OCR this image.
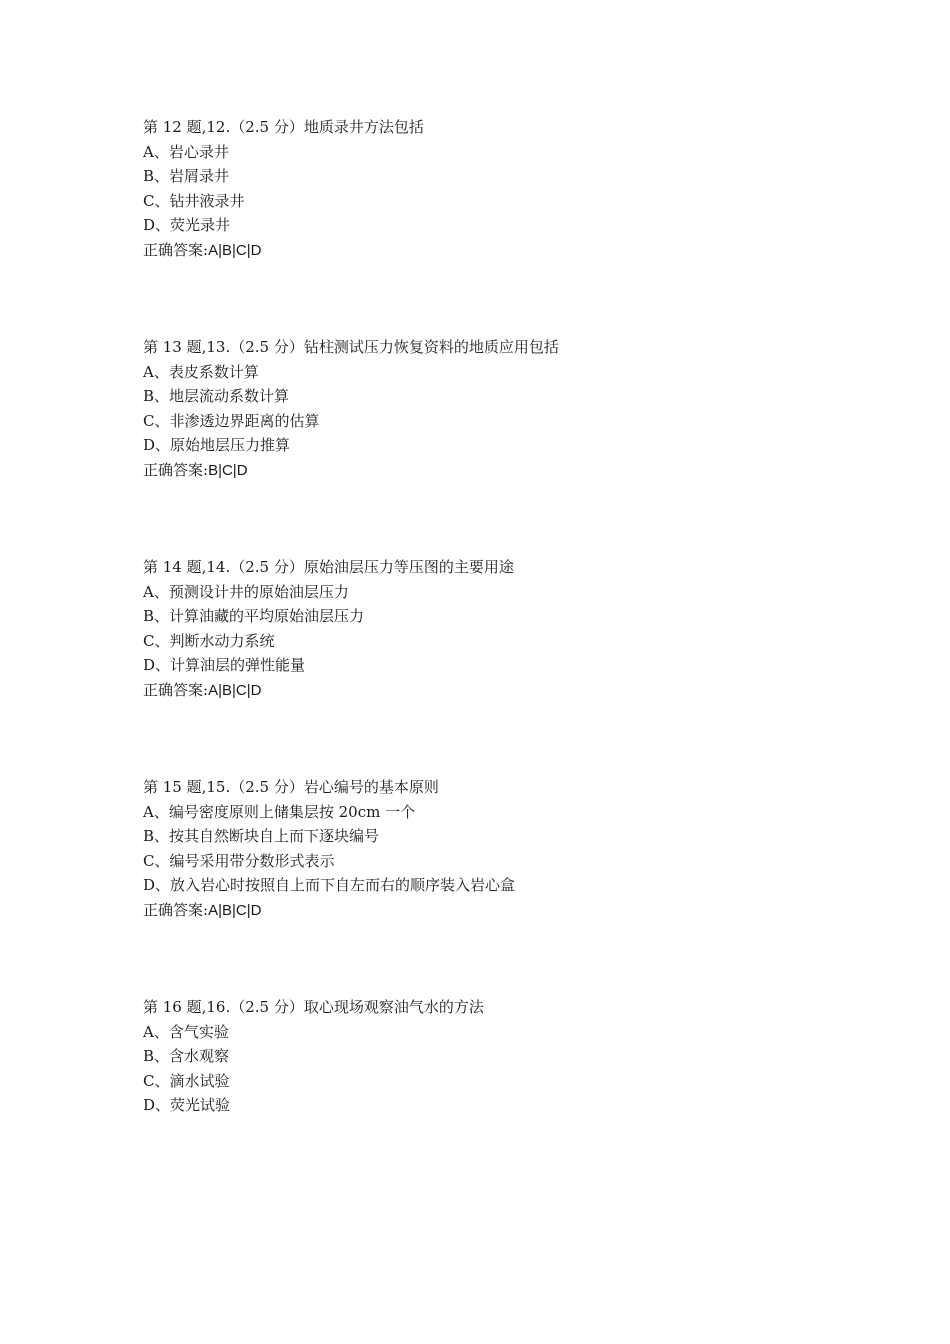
第 12 题,12.（2.5 分）地质录井方法包括
A、岩心录井
B、岩屑录井
C、钻井液录井
D、荧光录井
正确答案:A|B|C|D
第 13 题,13.（2.5 分）钻柱测试压力恢复资料的地质应用包括
A、表皮系数计算
B、地层流动系数计算
C、非渗透边界距离的估算
D、原始地层压力推算
正确答案:B|C|D
第 14 题,14.（2.5 分）原始油层压力等压图的主要用途
A、预测设计井的原始油层压力
B、计算油藏的平均原始油层压力
C、判断水动力系统
D、计算油层的弹性能量
正确答案:A|B|C|D
第 15 题,15.（2.5 分）岩心编号的基本原则
A、编号密度原则上储集层按 20cm 一个
B、按其自然断块自上而下逐块编号
C、编号采用带分数形式表示
D、放入岩心时按照自上而下自左而右的顺序装入岩心盒
正确答案:A|B|C|D
第 16 题,16.（2.5 分）取心现场观察油气水的方法
A、含气实验
B、含水观察
C、滴水试验
D、荧光试验
